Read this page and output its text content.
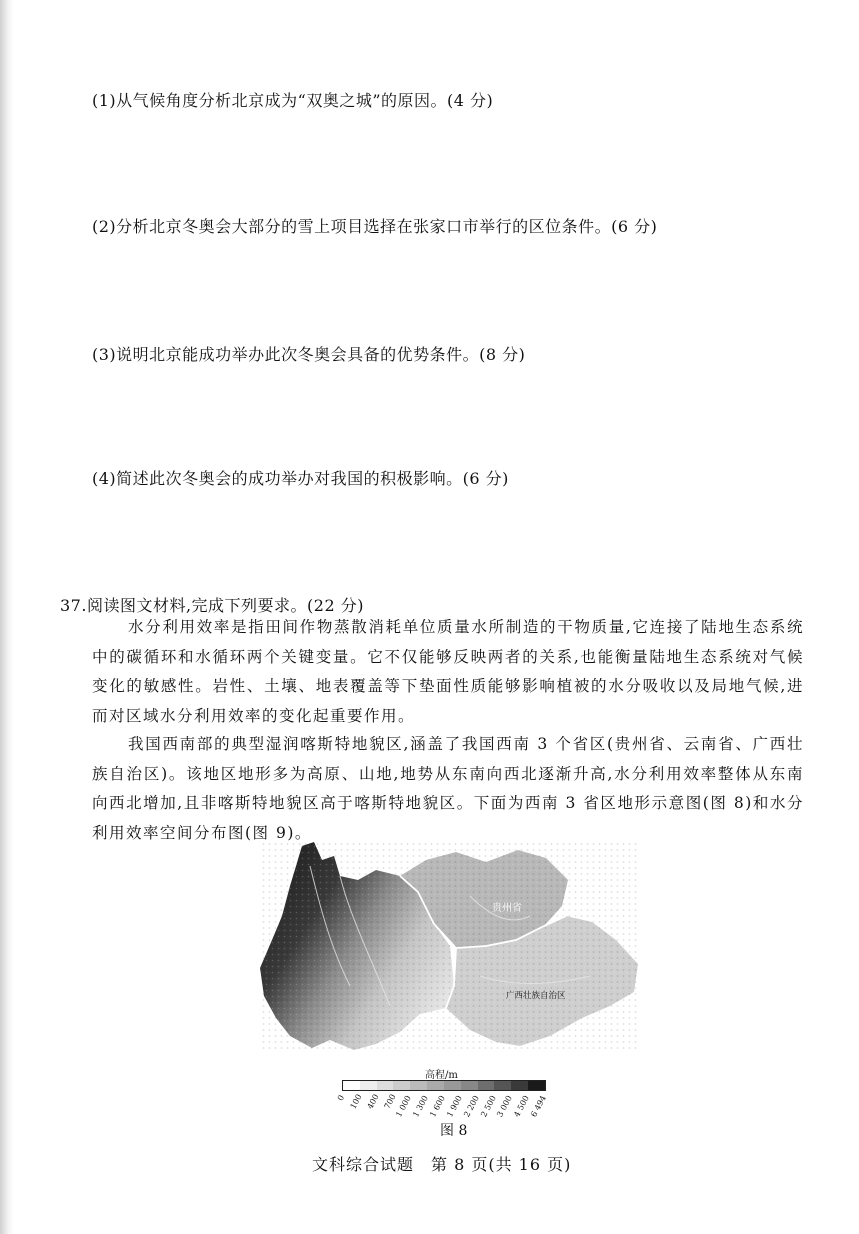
(1)从气候角度分析北京成为“双奥之城”的原因。(4 分)
(2)分析北京冬奥会大部分的雪上项目选择在张家口市举行的区位条件。(6 分)
(3)说明北京能成功举办此次冬奥会具备的优势条件。(8 分)
(4)简述此次冬奥会的成功举办对我国的积极影响。(6 分)
37.阅读图文材料,完成下列要求。(22 分)
水分利用效率是指田间作物蒸散消耗单位质量水所制造的干物质量,它连接了陆地生态系统中的碳循环和水循环两个关键变量。它不仅能够反映两者的关系,也能衡量陆地生态系统对气候变化的敏感性。岩性、土壤、地表覆盖等下垫面性质能够影响植被的水分吸收以及局地气候,进而对区域水分利用效率的变化起重要作用。
我国西南部的典型湿润喀斯特地貌区,涵盖了我国西南 3 个省区(贵州省、云南省、广西壮族自治区)。该地区地形多为高原、山地,地势从东南向西北逐渐升高,水分利用效率整体从东南向西北增加,且非喀斯特地貌区高于喀斯特地貌区。下面为西南 3 省区地形示意图(图 8)和水分利用效率空间分布图(图 9)。
贵州省
广西壮族自治区
高程/m
0 100 400 700
1 000
1 300
1 600
1 900
2 200
2 500
3 000
4 500
6 494
图 8
文科综合试题　第 8 页(共 16 页)
